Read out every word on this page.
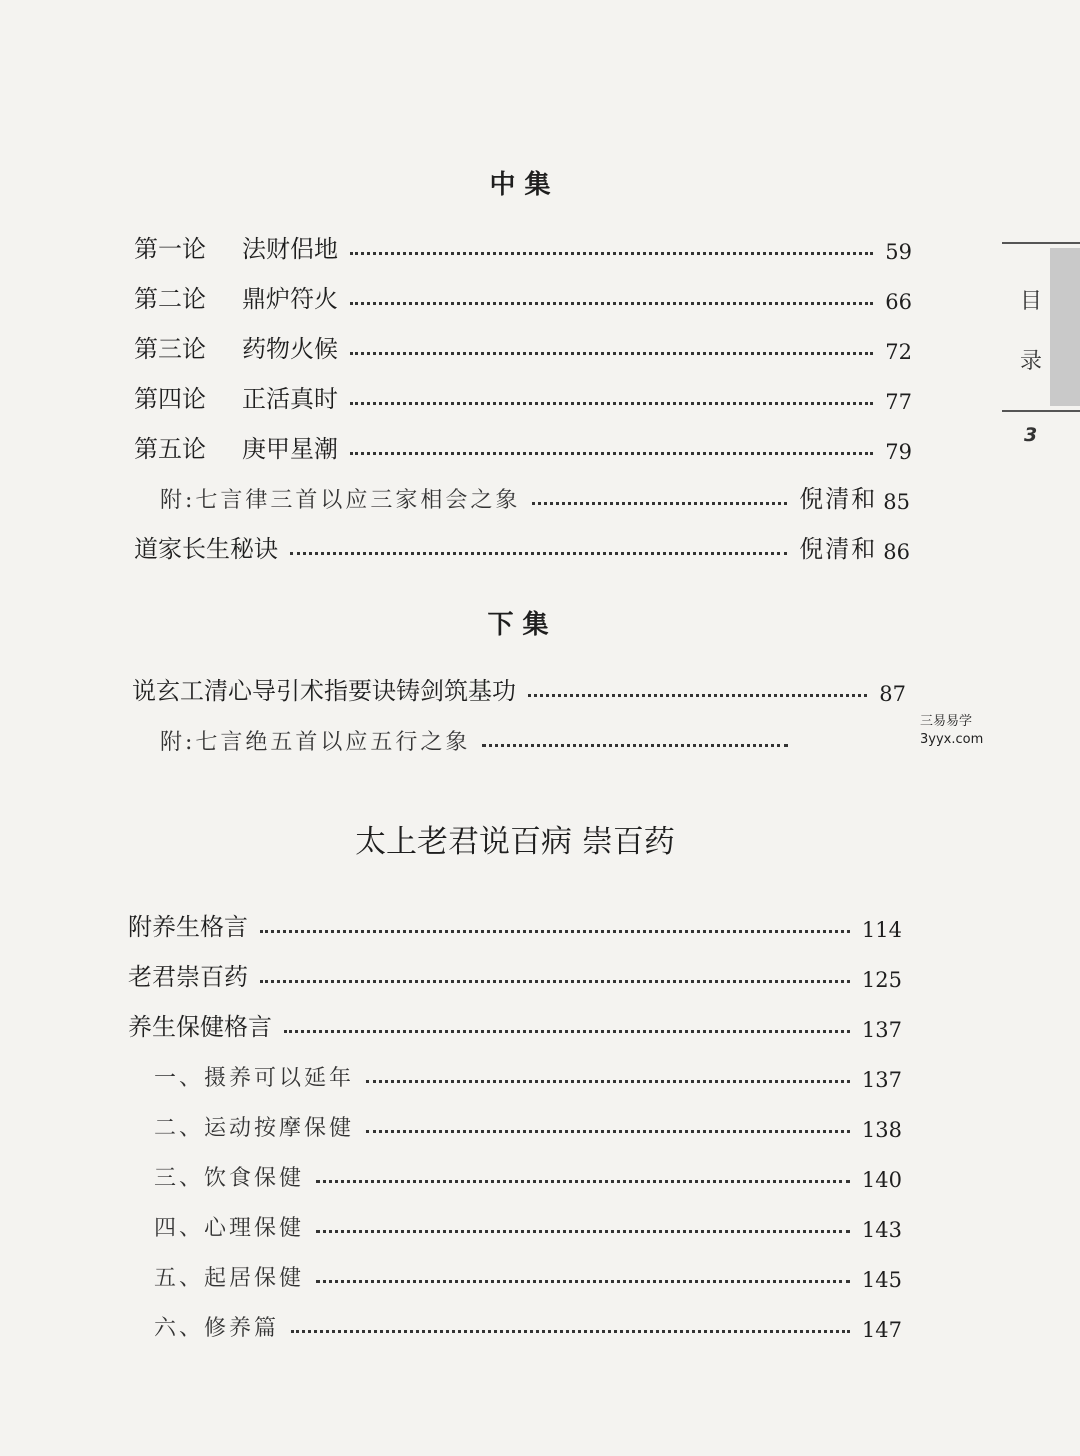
中 集
第一论 法财侣地	59
第二论 鼎炉符火	66
第三论 药物火候	72
第四论 正活真时	77
第五论 庚甲星潮	79
附:七言律三首以应三家相会之象	倪清和 85
道家长生秘诀	倪清和 86
下 集
说玄工清心导引术指要诀铸剑筑基功	87
附:七言绝五首以应五行之象
太上老君说百病 崇百药
附养生格言	114
老君崇百药	125
养生保健格言	137
一、摄养可以延年	137
二、运动按摩保健	138
三、饮食保健	140
四、心理保健	143
五、起居保健	145
六、修养篇	147
目
录
3
三易易学
3yyx.com
